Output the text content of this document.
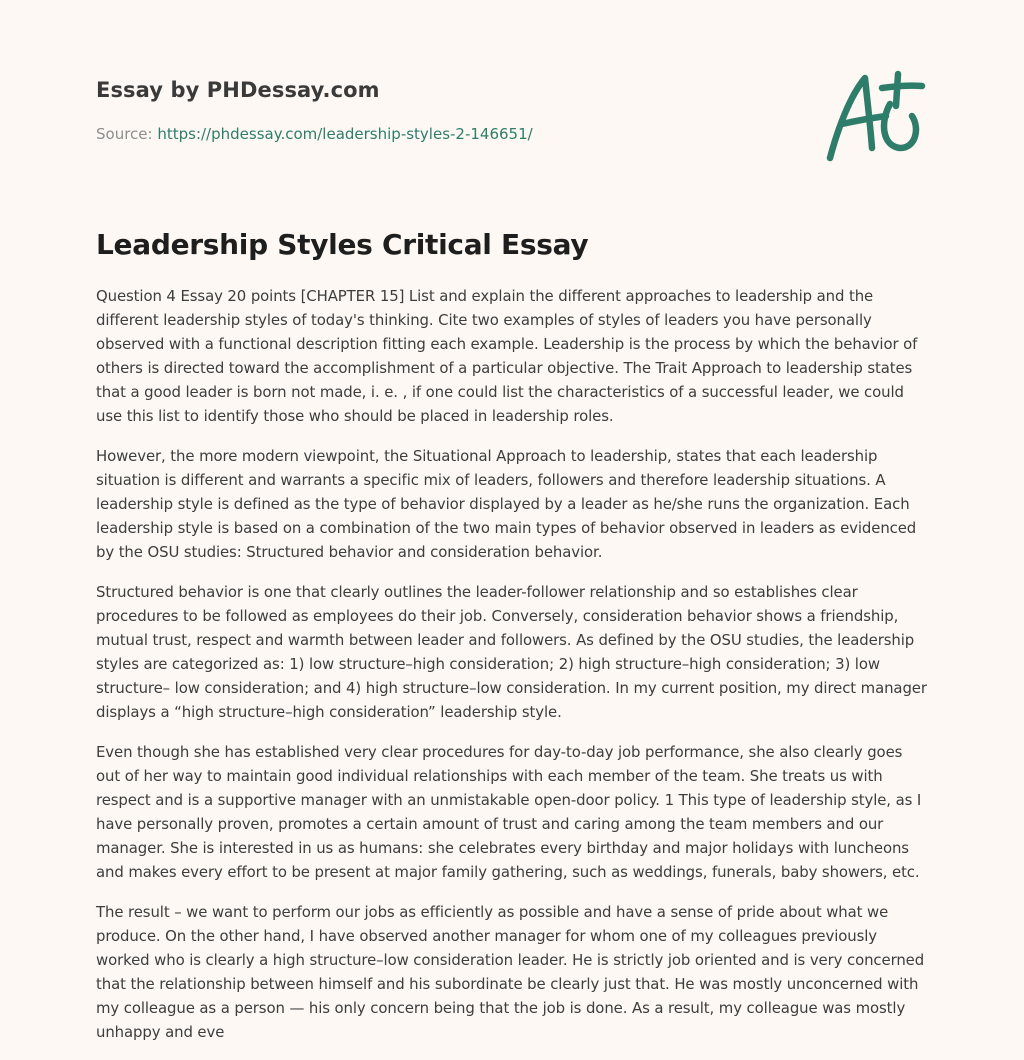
Essay by PHDessay.com
Source: https://phdessay.com/leadership-styles-2-146651/
Leadership Styles Critical Essay

Question 4 Essay 20 points [CHAPTER 15] List and explain the different approaches to leadership and the different leadership styles of today's thinking. Cite two examples of styles of leaders you have personally observed with a functional description fitting each example. Leadership is the process by which the behavior of others is directed toward the accomplishment of a particular objective. The Trait Approach to leadership states that a good leader is born not made, i. e. , if one could list the characteristics of a successful leader, we could use this list to identify those who should be placed in leadership roles.

However, the more modern viewpoint, the Situational Approach to leadership, states that each leadership situation is different and warrants a specific mix of leaders, followers and therefore leadership situations. A leadership style is defined as the type of behavior displayed by a leader as he/she runs the organization. Each leadership style is based on a combination of the two main types of behavior observed in leaders as evidenced by the OSU studies: Structured behavior and consideration behavior.

Structured behavior is one that clearly outlines the leader-follower relationship and so establishes clear procedures to be followed as employees do their job. Conversely, consideration behavior shows a friendship, mutual trust, respect and warmth between leader and followers. As defined by the OSU studies, the leadership styles are categorized as: 1) low structure–high consideration; 2) high structure–high consideration; 3) low structure– low consideration; and 4) high structure–low consideration. In my current position, my direct manager displays a “high structure–high consideration” leadership style.

Even though she has established very clear procedures for day-to-day job performance, she also clearly goes out of her way to maintain good individual relationships with each member of the team. She treats us with respect and is a supportive manager with an unmistakable open-door policy. 1 This type of leadership style, as I have personally proven, promotes a certain amount of trust and caring among the team members and our manager. She is interested in us as humans: she celebrates every birthday and major holidays with luncheons and makes every effort to be present at major family gathering, such as weddings, funerals, baby showers, etc.

The result – we want to perform our jobs as efficiently as possible and have a sense of pride about what we produce. On the other hand, I have observed another manager for whom one of my colleagues previously worked who is clearly a high structure–low consideration leader. He is strictly job oriented and is very concerned that the relationship between himself and his subordinate be clearly just that. He was mostly unconcerned with my colleague as a person — his only concern being that the job is done. As a result, my colleague was mostly unhappy and eve
